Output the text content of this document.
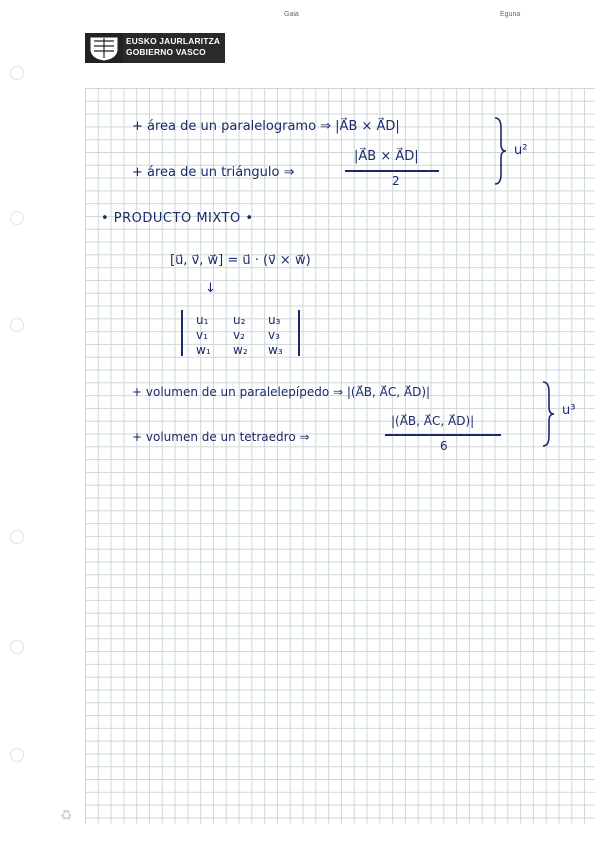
Gaia	Eguna
EUSKO JAURLARITZA
GOBIERNO VASCO
+ área de un paralelogramo ⇒ |A⃗B × A⃗D|
+ área de un triángulo ⇒
|A⃗B × A⃗D|
2
u²
• PRODUCTO MIXTO •
[u⃗, v⃗, w⃗] = u⃗ · (v⃗ × w⃗)
↓
u₁	u₂	u₃
v₁	v₂	v₃
w₁	w₂	w₃
+ volumen de un paralelepípedo ⇒ |(A⃗B, A⃗C, A⃗D)|
+ volumen de un tetraedro ⇒
|(A⃗B, A⃗C, A⃗D)|
6
u³
♻
